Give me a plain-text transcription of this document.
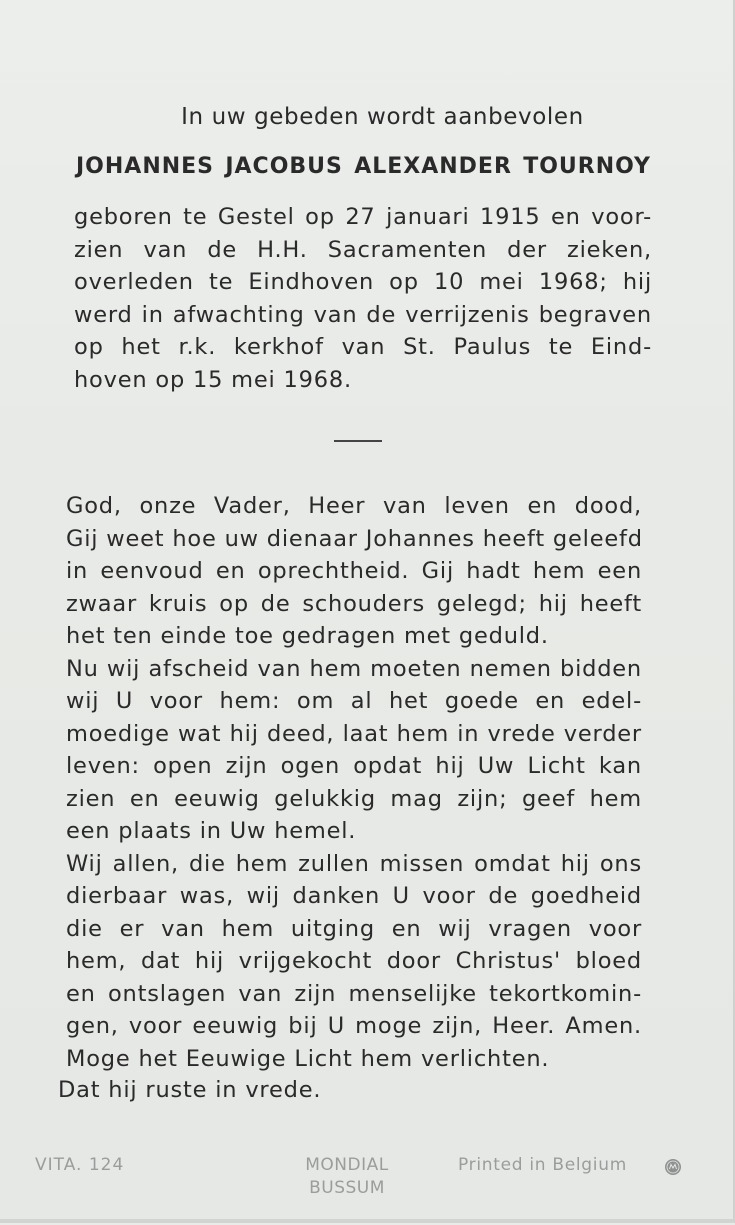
In uw gebeden wordt aanbevolen

JOHANNES JACOBUS ALEXANDER TOURNOY

geboren te Gestel op 27 januari 1915 en voor-
zien van de H.H. Sacramenten der zieken,
overleden te Eindhoven op 10 mei 1968; hij
werd in afwachting van de verrijzenis begraven
op het r.k. kerkhof van St. Paulus te Eind-
hoven op 15 mei 1968.
God, onze Vader, Heer van leven en dood,
Gij weet hoe uw dienaar Johannes heeft geleefd
in eenvoud en oprechtheid. Gij hadt hem een
zwaar kruis op de schouders gelegd; hij heeft
het ten einde toe gedragen met geduld.
Nu wij afscheid van hem moeten nemen bidden
wij U voor hem: om al het goede en edel-
moedige wat hij deed, laat hem in vrede verder
leven: open zijn ogen opdat hij Uw Licht kan
zien en eeuwig gelukkig mag zijn; geef hem
een plaats in Uw hemel.
Wij allen, die hem zullen missen omdat hij ons
dierbaar was, wij danken U voor de goedheid
die er van hem uitging en wij vragen voor
hem, dat hij vrijgekocht door Christus' bloed
en ontslagen van zijn menselijke tekortkomin-
gen, voor eeuwig bij U moge zijn, Heer. Amen.
Moge het Eeuwige Licht hem verlichten.

Dat hij ruste in vrede.

VITA. 124	MONDIAL
BUSSUM
Printed in Belgium
